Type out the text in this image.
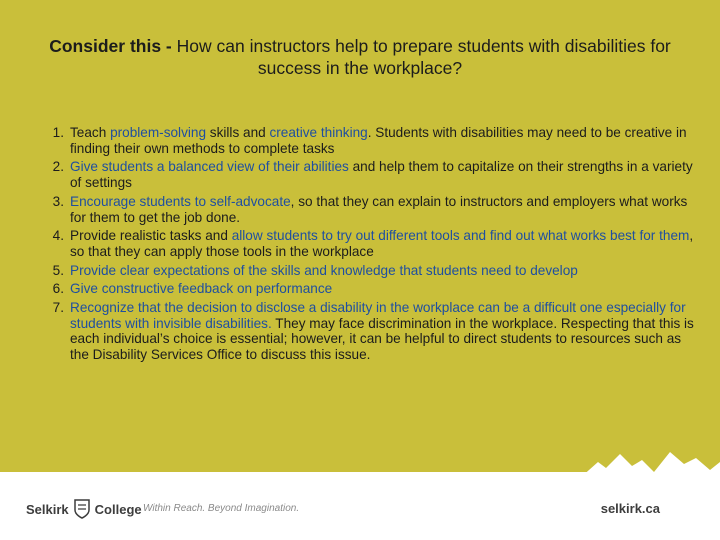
Consider this - How can instructors help to prepare students with disabilities for success in the workplace?
1. Teach problem-solving skills and creative thinking. Students with disabilities may need to be creative in finding their own methods to complete tasks
2. Give students a balanced view of their abilities and help them to capitalize on their strengths in a variety of settings
3. Encourage students to self-advocate, so that they can explain to instructors and employers what works for them to get the job done.
4. Provide realistic tasks and allow students to try out different tools and find out what works best for them, so that they can apply those tools in the workplace
5. Provide clear expectations of the skills and knowledge that students need to develop
6. Give constructive feedback on performance
7. Recognize that the decision to disclose a disability in the workplace can be a difficult one especially for students with invisible disabilities. They may face discrimination in the workplace. Respecting that this is each individual’s choice is essential; however, it can be helpful to direct students to resources such as the Disability Services Office to discuss this issue.
Selkirk College Within Reach. Beyond Imagination.	selkirk.ca
